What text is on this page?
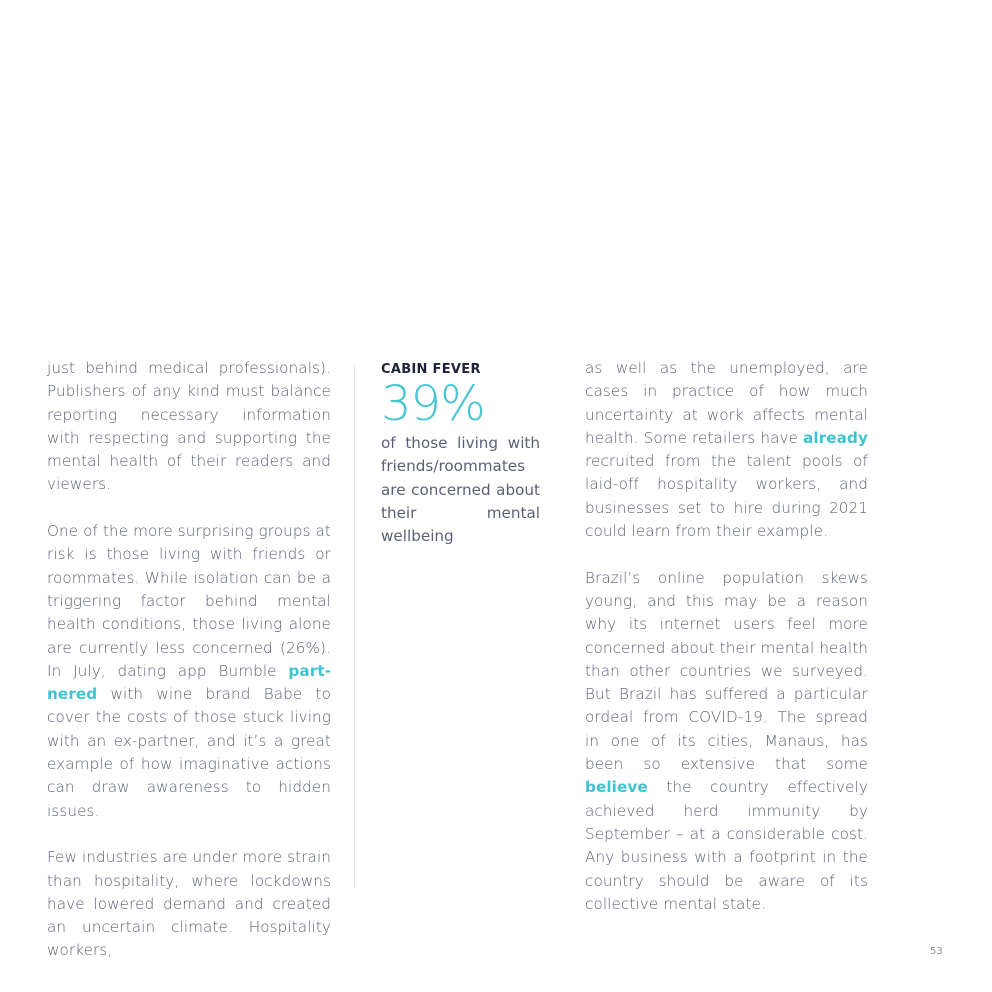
just behind medical professionals). Publishers of any kind must balance reporting necessary information with respecting and supporting the mental health of their readers and viewers.

One of the more surprising groups at risk is those living with friends or roommates. While isolation can be a triggering factor behind mental health conditions, those living alone are currently less concerned (26%). In July, dating app Bumble partnered with wine brand Babe to cover the costs of those stuck living with an ex-partner, and it’s a great example of how imaginative actions can draw awareness to hidden issues.

Few industries are under more strain than hospitality, where lockdowns have lowered demand and created an uncertain climate. Hospitality workers,

CABIN FEVER
39%
of those living with friends/roommates are concerned about their mental wellbeing

as well as the unemployed, are cases in practice of how much uncertainty at work affects mental health. Some retailers have already recruited from the talent pools of laid-off hospitality workers, and businesses set to hire during 2021 could learn from their example.

Brazil’s online population skews young, and this may be a reason why its internet users feel more concerned about their mental health than other countries we surveyed. But Brazil has suffered a particular ordeal from COVID-19. The spread in one of its cities, Manaus, has been so extensive that some believe the country effectively achieved herd immunity by September – at a considerable cost. Any business with a footprint in the country should be aware of its collective mental state.

53
